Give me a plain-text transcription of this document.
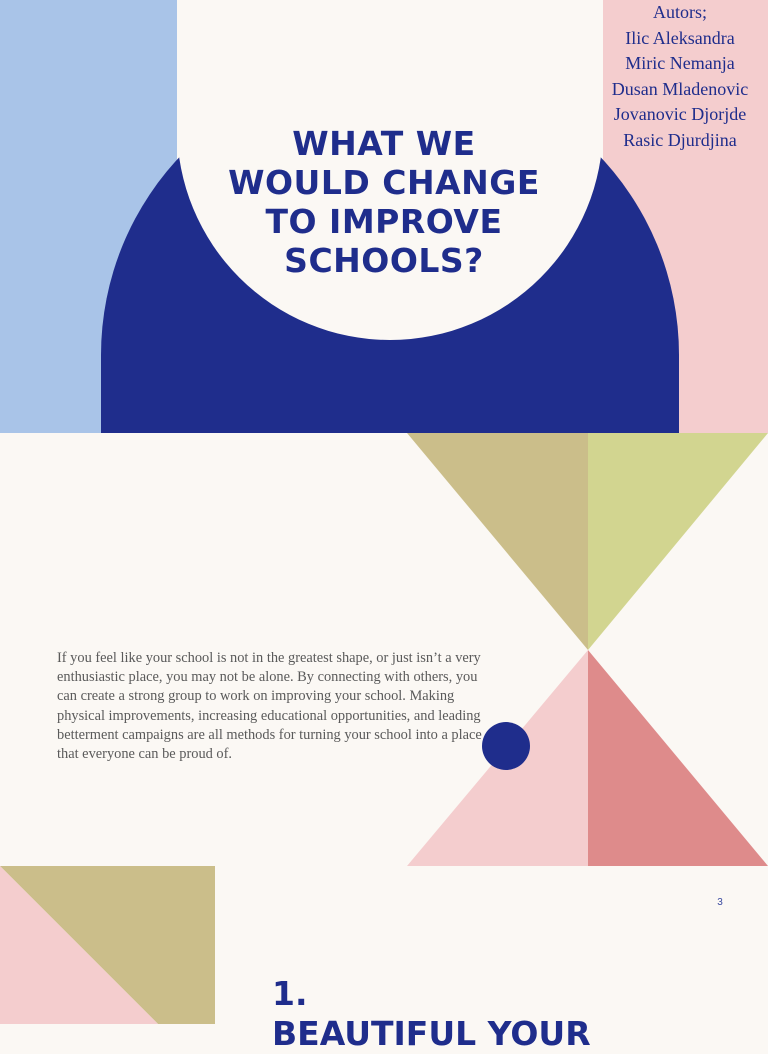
WHAT WE
WOULD CHANGE
TO IMPROVE
SCHOOLS?
Autors;
Ilic Aleksandra
Miric Nemanja
Dusan Mladenovic
Jovanovic Djorjde
Rasic Djurdjina
If you feel like your school is not in the greatest shape, or just isn’t a very enthusiastic place, you may not be alone. By connecting with others, you can create a strong group to work on improving your school. Making physical improvements, increasing educational opportunities, and leading betterment campaigns are all methods for turning your school into a place that everyone can be proud of.
3
1.
BEAUTIFUL YOUR
